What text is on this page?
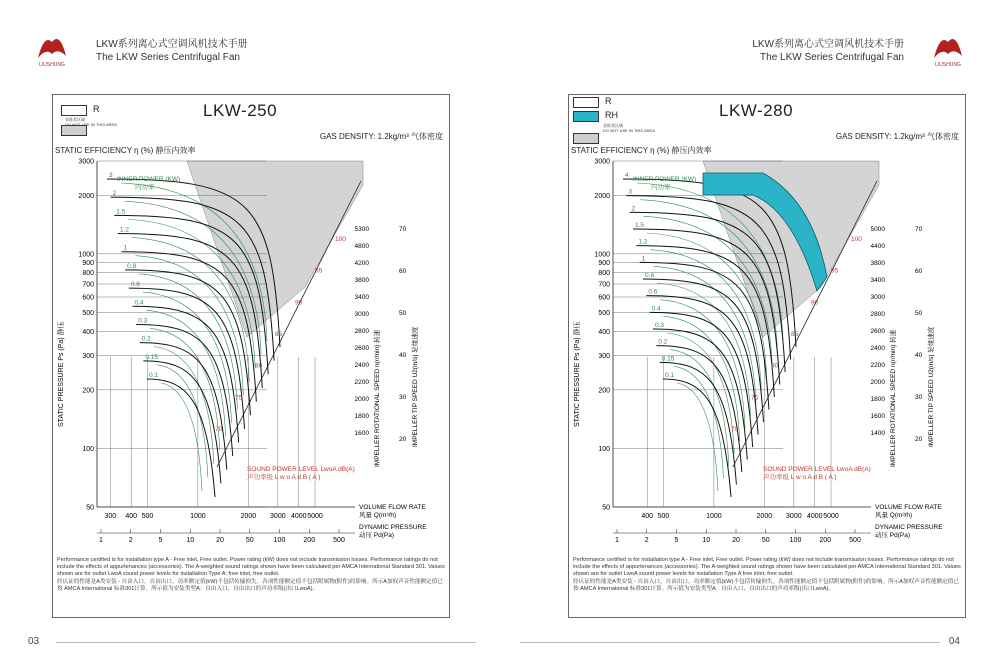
LIUSHUNG
LKW系列离心式空调风机技术手册
The LKW Series Centrifugal Fan
R
非推荐区域
DO NOT USE IN THIS AREA
LKW-250
GAS DENSITY: 1.2kg/m³ 气体密度
STATIC EFFICIENCY η (%) 静压内效率
3000
2000
1000
900
800
700
600
500
400
300
200
100
50
300 400 500	1000	2000 3000 4000 5000
3
2
1.5
1.2
1
0.8
0.6
0.4
0.3
0.2
0.15
0.1
100
95
90
85
80
75
70
INNER POWER (KW)
内功率
SOUND POWER LEVEL LwoA dB(A)
声功率级 L w o A d B ( A )
5300
4800
4200
3800
3400
3000
2800
2600
2400
2200
2000
1800
1600 IMPELLER ROTATIONAL SPEED n(r/min) 转速
70
60
50
40
30
20 IMPELLER TIP SPEED U2(m/s) 轮缘速度
STATIC PRESSURE Ps (Pa) 静压
VOLUME FLOW RATE
风量 Q(m³/h)
1	2	5	10	20	50	100	200	500
DYNAMIC PRESSURE
动压 Pd(Pa)
Performance certified is for installation type A - Free inlet, Free outlet. Power rating (kW) does not include transmission losses. Performance ratings do not include the effects of appurtenances (accessories). The A-weighted sound ratings shown have been calculated per AMCA International Standard 301. Values shown are for outlet LwoA sound power levels for installation Type A: free inlet, free outlet.
经认证的性能是A类安装 - 自由入口，自由出口。功率额定值(kW)不包括传输损失。各项性能额定值不包括附属物(附件)的影响。所示A加权声音性能额定值已按 AMCA International 标准301计算。所示值为安装类型A：自由入口，自由出口的声功率级(出口LwoA)。
03
LIUSHUNG
LKW系列离心式空调风机技术手册
The LKW Series Centrifugal Fan
R
RH
非推荐区域
DO NOT USE IN THIS AREA
LKW-280
GAS DENSITY: 1.2kg/m³ 气体密度
STATIC EFFICIENCY η (%) 静压内效率
3000
2000
1000
900
800
700
600
500
400
300
200
100
50
400 500	1000	2000 3000 4000 5000
4
3
2
1.5
1.2
1
0.8
0.6
0.4
0.3
0.2
0.15
0.1
100
95
90
85
80
75
70
INNER POWER (KW)
内功率
SOUND POWER LEVEL LwoA dB(A)
声功率级 L w o A d B ( A )
5000
4400
3800
3400
3000
2800
2600
2400
2200
2000
1800
1600
1400 IMPELLER ROTATIONAL SPEED n(r/min) 转速
70
60
50
40
30
20 IMPELLER TIP SPEED U2(m/s) 轮缘速度
STATIC PRESSURE Ps (Pa) 静压
VOLUME FLOW RATE
风量 Q(m³/h)
1	2	5	10	20	50	100	200	500
DYNAMIC PRESSURE
动压 Pd(Pa)
Performance certified is for installation type A - Free inlet, Free outlet. Power rating (kW) does not include transmission losses. Performance ratings do not include the effects of appurtenances (accessories). The A-weighted sound ratings shown have been calculated per AMCA International Standard 301. Values shown are for outlet LwoA sound power levels for installation Type A free inlet, free outlet.
经认证的性能是A类安装 - 自由入口，自由出口。功率额定值(kW)不包括传输损失。各项性能额定值不包括附属物(附件)的影响。所示A加权声音性能额定值已按 AMCA International 标准301计算。所示值为安装类型A：自由入口，自由出口的声功率级(出口LwoA)。
04
